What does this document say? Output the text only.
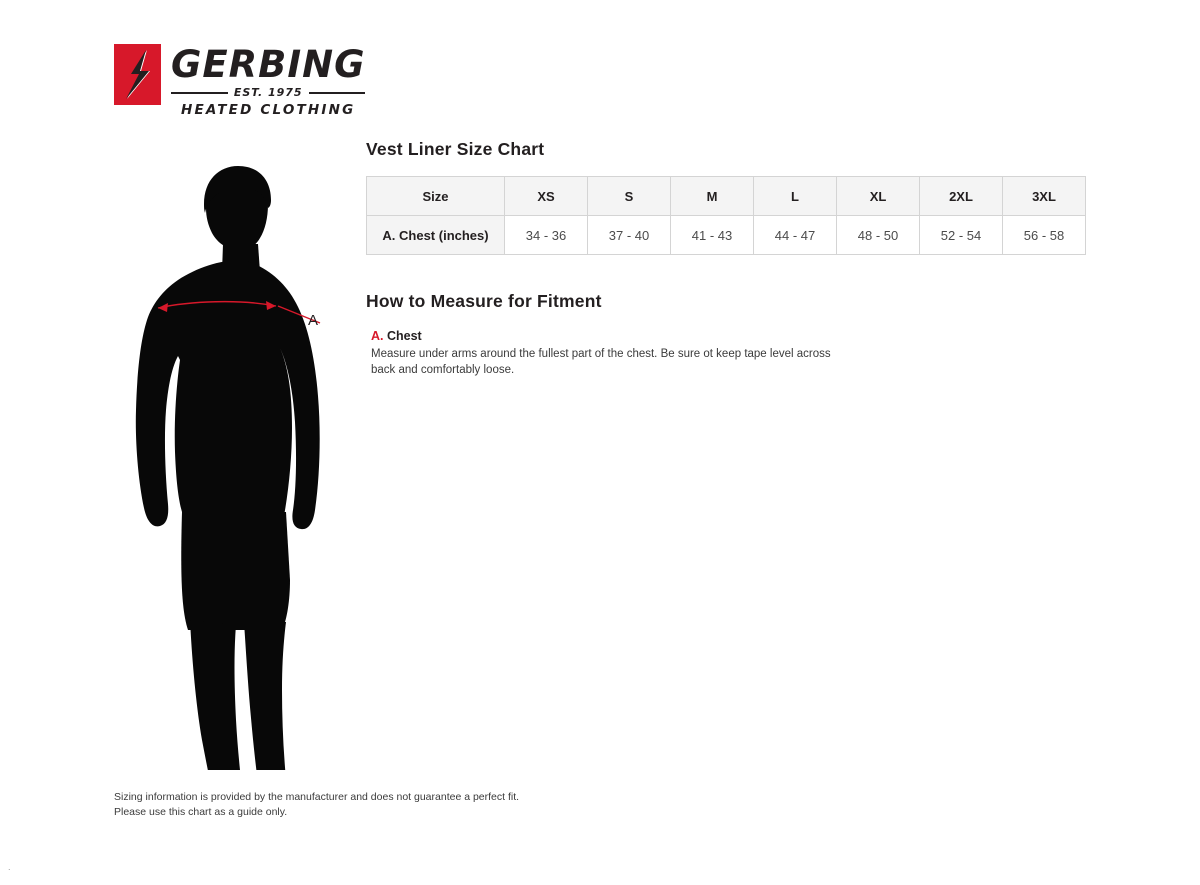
GERBING
EST. 1975
HEATED CLOTHING
A
Vest Liner Size Chart
Size	XS	S	M	L	XL	2XL	3XL
A. Chest (inches)	34 - 36	37 - 40	41 - 43	44 - 47	48 - 50	52 - 54	56 - 58
How to Measure for Fitment

A. Chest

Measure under arms around the fullest part of the chest. Be sure ot keep tape level across back and comfortably loose.
Sizing information is provided by the manufacturer and does not guarantee a perfect fit.
Please use this chart as a guide only.
.
